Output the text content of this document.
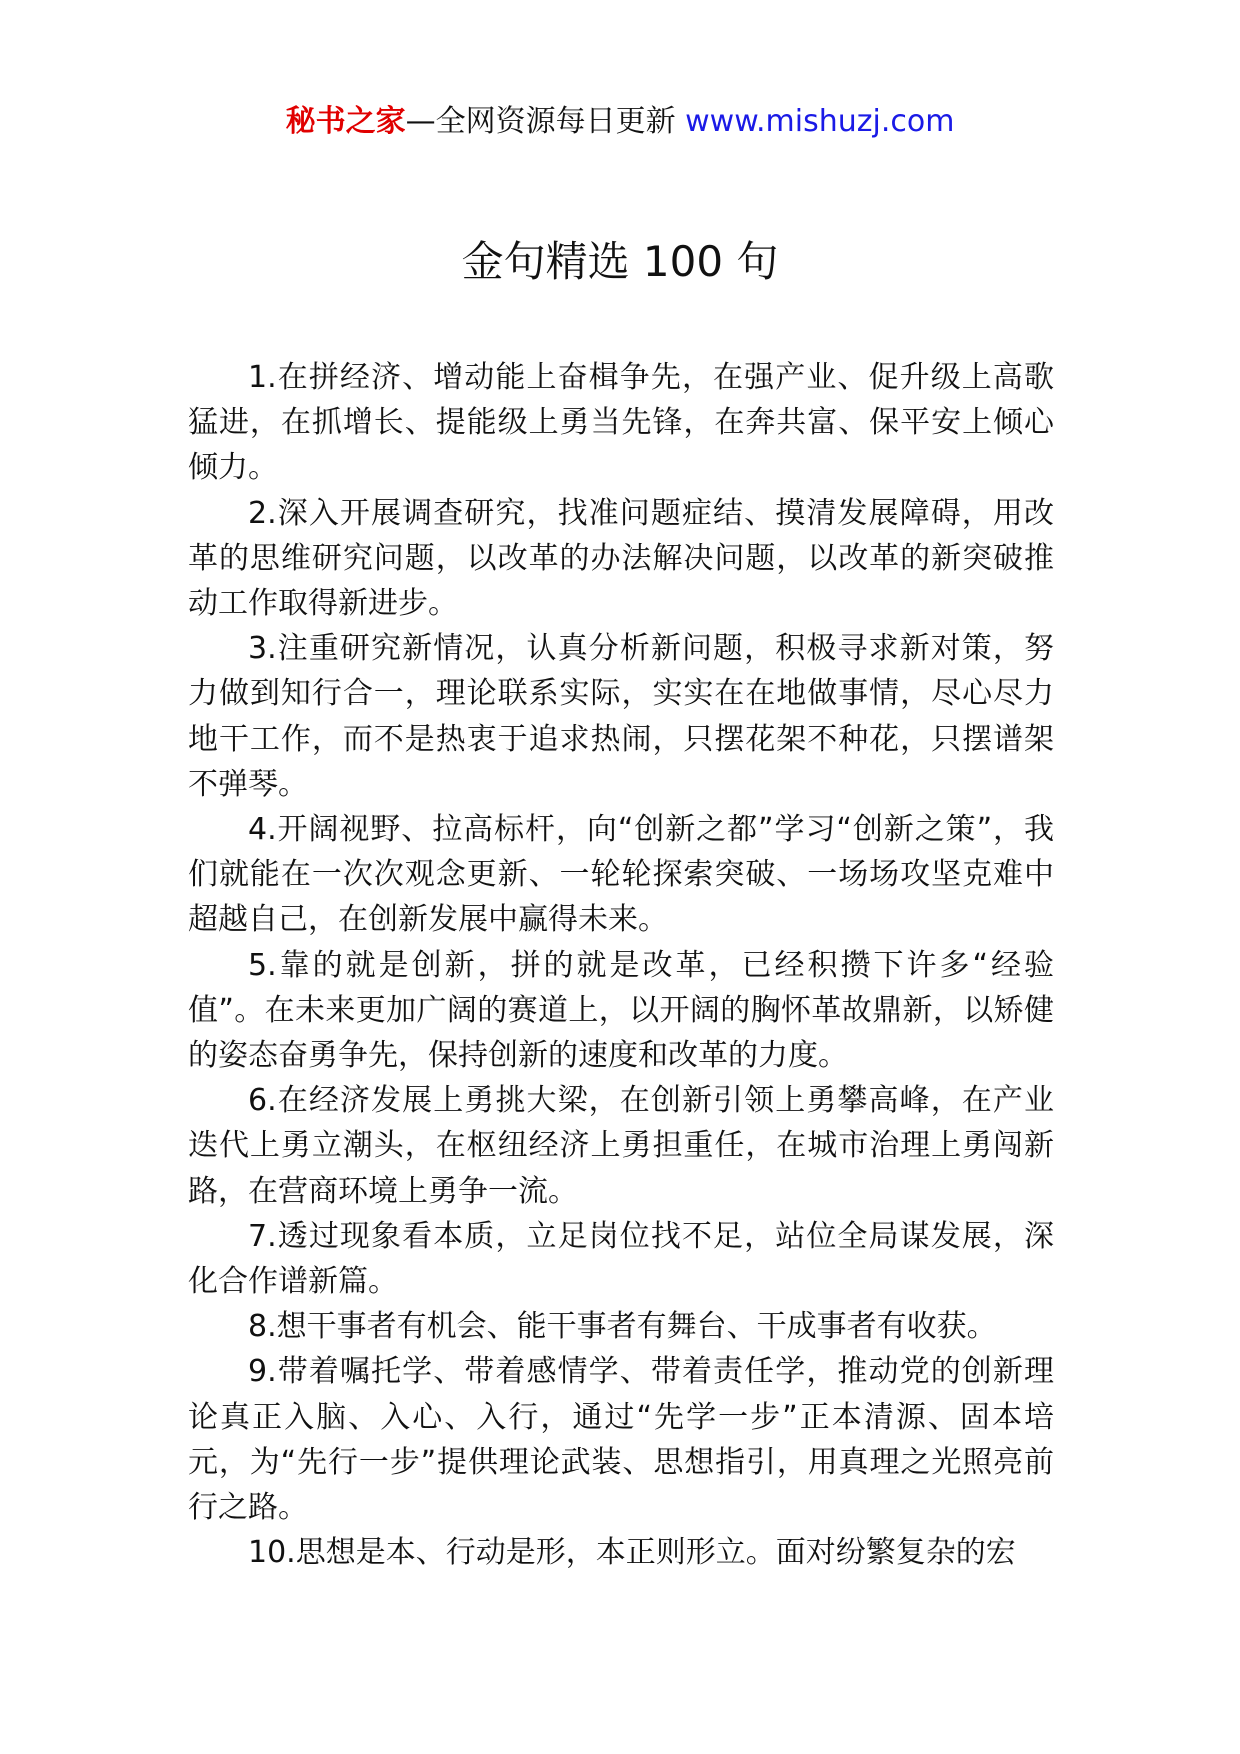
秘书之家—全网资源每日更新 www.mishuzj.com
金句精选 100 句

1.在拼经济、增动能上奋楫争先，在强产业、促升级上高歌猛进，在抓增长、提能级上勇当先锋，在奔共富、保平安上倾心倾力。

2.深入开展调查研究，找准问题症结、摸清发展障碍，用改革的思维研究问题，以改革的办法解决问题，以改革的新突破推动工作取得新进步。

3.注重研究新情况，认真分析新问题，积极寻求新对策，努力做到知行合一，理论联系实际，实实在在地做事情，尽心尽力地干工作，而不是热衷于追求热闹，只摆花架不种花，只摆谱架不弹琴。

4.开阔视野、拉高标杆，向“创新之都”学习“创新之策”，我们就能在一次次观念更新、一轮轮探索突破、一场场攻坚克难中超越自己，在创新发展中赢得未来。

5.靠的就是创新，拼的就是改革，已经积攒下许多“经验值”。在未来更加广阔的赛道上，以开阔的胸怀革故鼎新，以矫健的姿态奋勇争先，保持创新的速度和改革的力度。

6.在经济发展上勇挑大梁，在创新引领上勇攀高峰，在产业迭代上勇立潮头，在枢纽经济上勇担重任，在城市治理上勇闯新路，在营商环境上勇争一流。

7.透过现象看本质，立足岗位找不足，站位全局谋发展，深化合作谱新篇。

8.想干事者有机会、能干事者有舞台、干成事者有收获。

9.带着嘱托学、带着感情学、带着责任学，推动党的创新理论真正入脑、入心、入行，通过“先学一步”正本清源、固本培元，为“先行一步”提供理论武装、思想指引，用真理之光照亮前行之路。

10.思想是本、行动是形，本正则形立。面对纷繁复杂的宏
